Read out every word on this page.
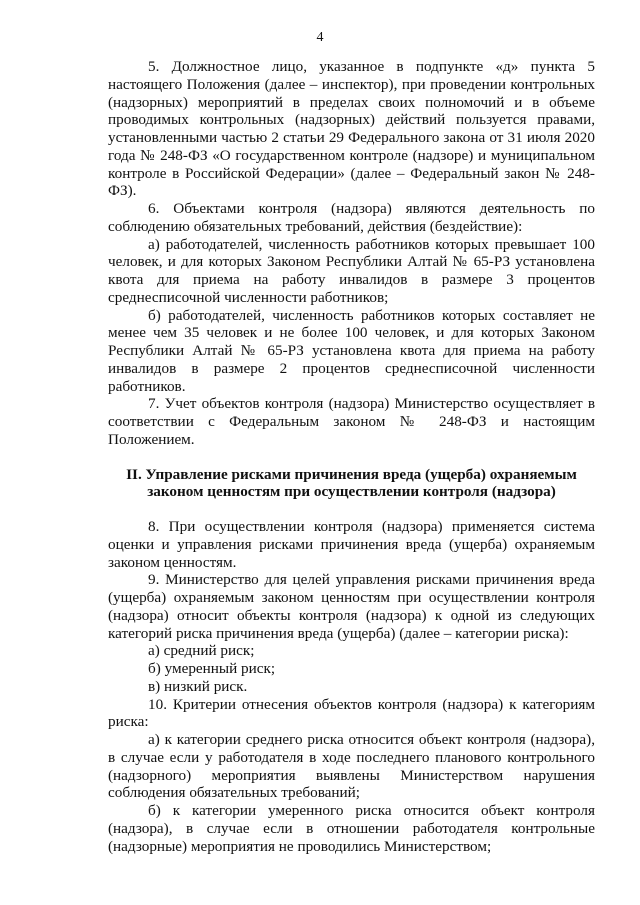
4

5. Должностное лицо, указанное в подпункте «д» пункта 5 настоящего Положения (далее – инспектор), при проведении контрольных (надзорных) мероприятий в пределах своих полномочий и в объеме проводимых контрольных (надзорных) действий пользуется правами, установленными частью 2 статьи 29 Федерального закона от 31 июля 2020 года № 248-ФЗ «О государственном контроле (надзоре) и муниципальном контроле в Российской Федерации» (далее – Федеральный закон № 248-ФЗ).

6. Объектами контроля (надзора) являются деятельность по соблюдению обязательных требований, действия (бездействие):

а) работодателей, численность работников которых превышает 100 человек, и для которых Законом Республики Алтай № 65-РЗ установлена квота для приема на работу инвалидов в размере 3 процентов среднесписочной численности работников;

б) работодателей, численность работников которых составляет не менее чем 35 человек и не более 100 человек, и для которых Законом Республики Алтай № 65-РЗ установлена квота для приема на работу инвалидов в размере 2 процентов среднесписочной численности работников.

7. Учет объектов контроля (надзора) Министерство осуществляет в соответствии с Федеральным законом № 248-ФЗ и настоящим Положением.

II. Управление рисками причинения вреда (ущерба) охраняемым законом ценностям при осуществлении контроля (надзора)

8. При осуществлении контроля (надзора) применяется система оценки и управления рисками причинения вреда (ущерба) охраняемым законом ценностям.

9. Министерство для целей управления рисками причинения вреда (ущерба) охраняемым законом ценностям при осуществлении контроля (надзора) относит объекты контроля (надзора) к одной из следующих категорий риска причинения вреда (ущерба) (далее – категории риска):

а) средний риск;

б) умеренный риск;

в) низкий риск.

10. Критерии отнесения объектов контроля (надзора) к категориям риска:

а) к категории среднего риска относится объект контроля (надзора), в случае если у работодателя в ходе последнего планового контрольного (надзорного) мероприятия выявлены Министерством нарушения соблюдения обязательных требований;

б) к категории умеренного риска относится объект контроля (надзора), в случае если в отношении работодателя контрольные (надзорные) мероприятия не проводились Министерством;
